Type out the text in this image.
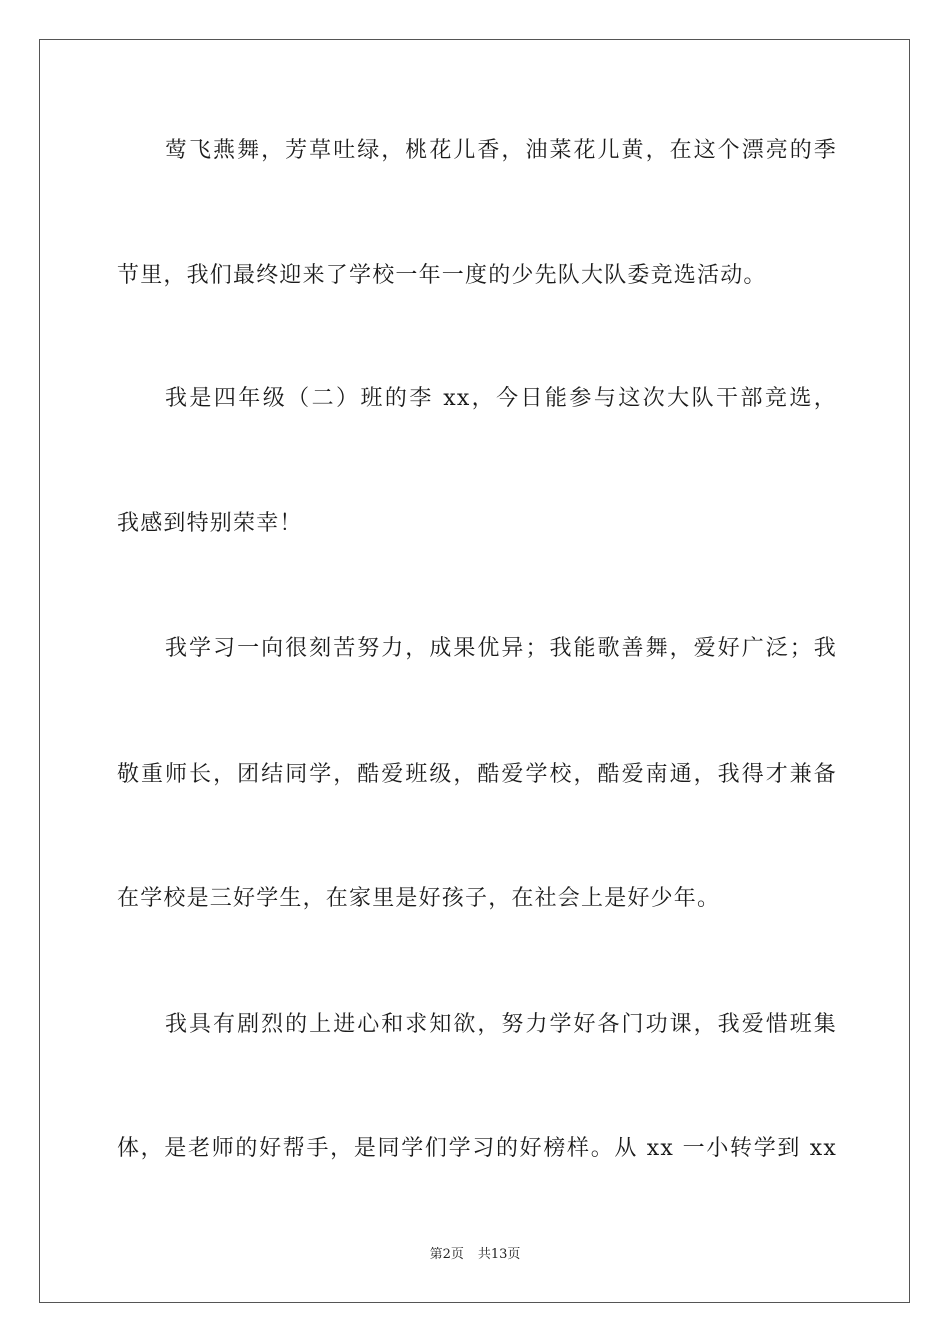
莺飞燕舞，芳草吐绿，桃花儿香，油菜花儿黄，在这个漂亮的季
节里，我们最终迎来了学校一年一度的少先队大队委竞选活动。
我是四年级（二）班的李 xx，今日能参与这次大队干部竞选，
我感到特别荣幸！
我学习一向很刻苦努力，成果优异；我能歌善舞，爱好广泛；我
敬重师长，团结同学，酷爱班级，酷爱学校，酷爱南通，我得才兼备
在学校是三好学生，在家里是好孩子，在社会上是好少年。
我具有剧烈的上进心和求知欲，努力学好各门功课，我爱惜班集
体，是老师的好帮手，是同学们学习的好榜样。从 xx 一小转学到 xx
第2页 共13页
